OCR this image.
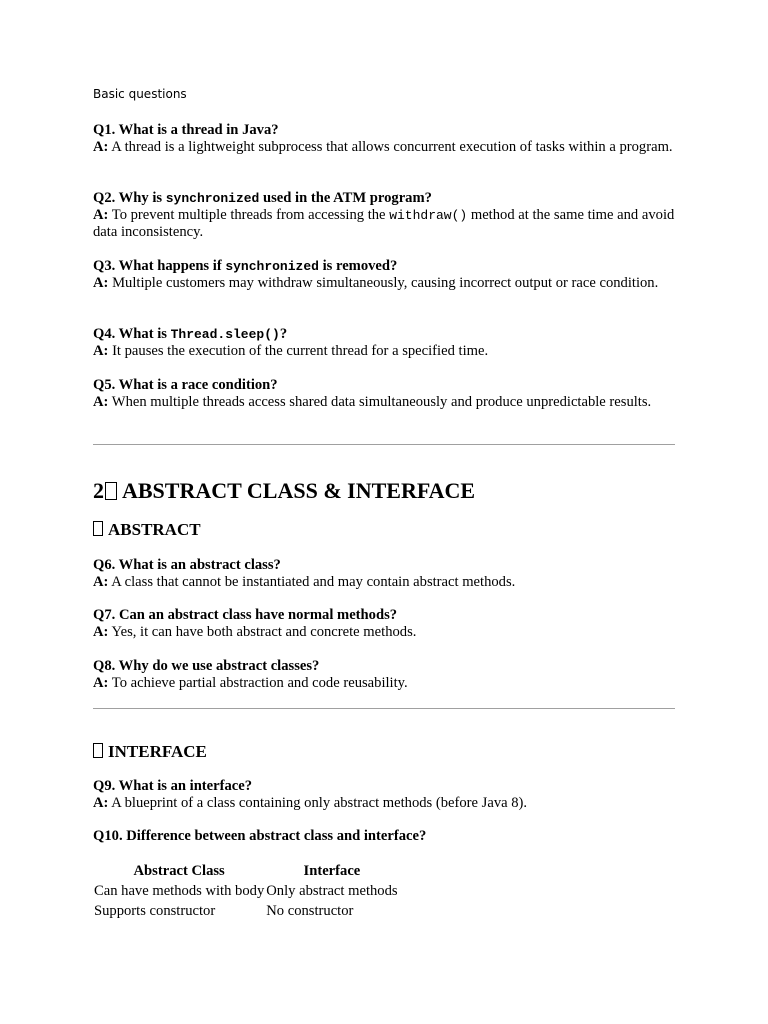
Basic questions
Q1. What is a thread in Java?
A: A thread is a lightweight subprocess that allows concurrent execution of tasks within a program.
Q2. Why is synchronized used in the ATM program?
A: To prevent multiple threads from accessing the withdraw() method at the same time and avoid data inconsistency.
Q3. What happens if synchronized is removed?
A: Multiple customers may withdraw simultaneously, causing incorrect output or race condition.
Q4. What is Thread.sleep()?
A: It pauses the execution of the current thread for a specified time.
Q5. What is a race condition?
A: When multiple threads access shared data simultaneously and produce unpredictable results.
2 ABSTRACT CLASS & INTERFACE
ABSTRACT
Q6. What is an abstract class?
A: A class that cannot be instantiated and may contain abstract methods.
Q7. Can an abstract class have normal methods?
A: Yes, it can have both abstract and concrete methods.
Q8. Why do we use abstract classes?
A: To achieve partial abstraction and code reusability.
INTERFACE
Q9. What is an interface?
A: A blueprint of a class containing only abstract methods (before Java 8).
Q10. Difference between abstract class and interface?
Abstract Class	Interface
Can have methods with body	Only abstract methods
Supports constructor	No constructor
